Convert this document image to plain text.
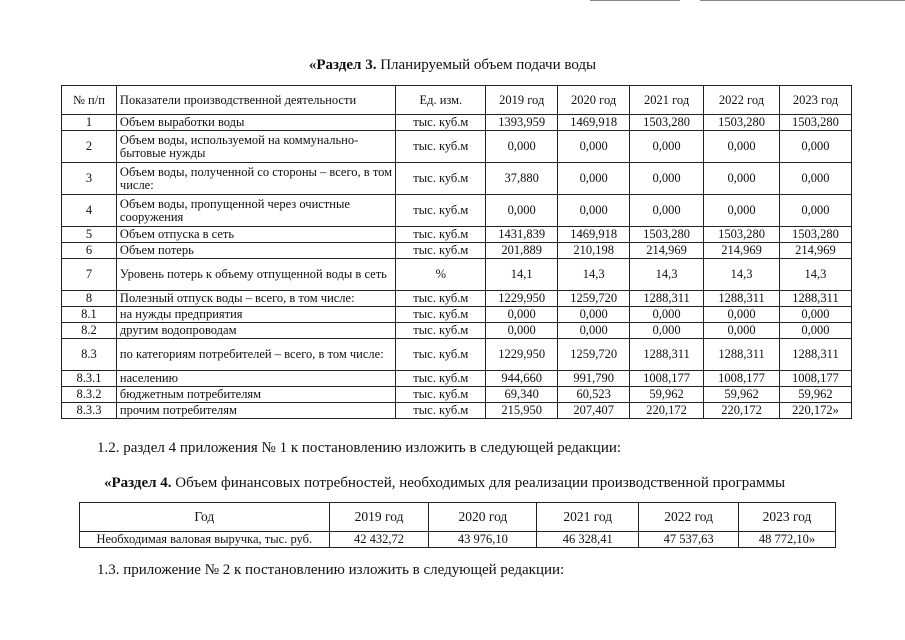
«Раздел 3. Планируемый объем подачи воды
№ п/п	Показатели производственной деятельности	Ед. изм.	2019 год	2020 год	2021 год	2022 год	2023 год
1	Объем выработки воды	тыс. куб.м	1393,959	1469,918	1503,280	1503,280	1503,280
2	Объем воды, используемой на коммунально-бытовые нужды	тыс. куб.м	0,000	0,000	0,000	0,000	0,000
3	Объем воды, полученной со стороны – всего, в том числе:	тыс. куб.м	37,880	0,000	0,000	0,000	0,000
4	Объем воды, пропущенной через очистные сооружения	тыс. куб.м	0,000	0,000	0,000	0,000	0,000
5	Объем отпуска в сеть	тыс. куб.м	1431,839	1469,918	1503,280	1503,280	1503,280
6	Объем потерь	тыс. куб.м	201,889	210,198	214,969	214,969	214,969
7	Уровень потерь к объему отпущенной воды в сеть	%	14,1	14,3	14,3	14,3	14,3
8	Полезный отпуск воды – всего, в том числе:	тыс. куб.м	1229,950	1259,720	1288,311	1288,311	1288,311
8.1	на нужды предприятия	тыс. куб.м	0,000	0,000	0,000	0,000	0,000
8.2	другим водопроводам	тыс. куб.м	0,000	0,000	0,000	0,000	0,000
8.3	по категориям потребителей – всего, в том числе:	тыс. куб.м	1229,950	1259,720	1288,311	1288,311	1288,311
8.3.1	населению	тыс. куб.м	944,660	991,790	1008,177	1008,177	1008,177
8.3.2	бюджетным потребителям	тыс. куб.м	69,340	60,523	59,962	59,962	59,962
8.3.3	прочим потребителям	тыс. куб.м	215,950	207,407	220,172	220,172	220,172»
1.2. раздел 4 приложения № 1 к постановлению изложить в следующей редакции:
«Раздел 4. Объем финансовых потребностей, необходимых для реализации производственной программы
Год	2019 год	2020 год	2021 год	2022 год	2023 год
Необходимая валовая выручка, тыс. руб.	42 432,72	43 976,10	46 328,41	47 537,63	48 772,10»
1.3. приложение № 2 к постановлению изложить в следующей редакции:
